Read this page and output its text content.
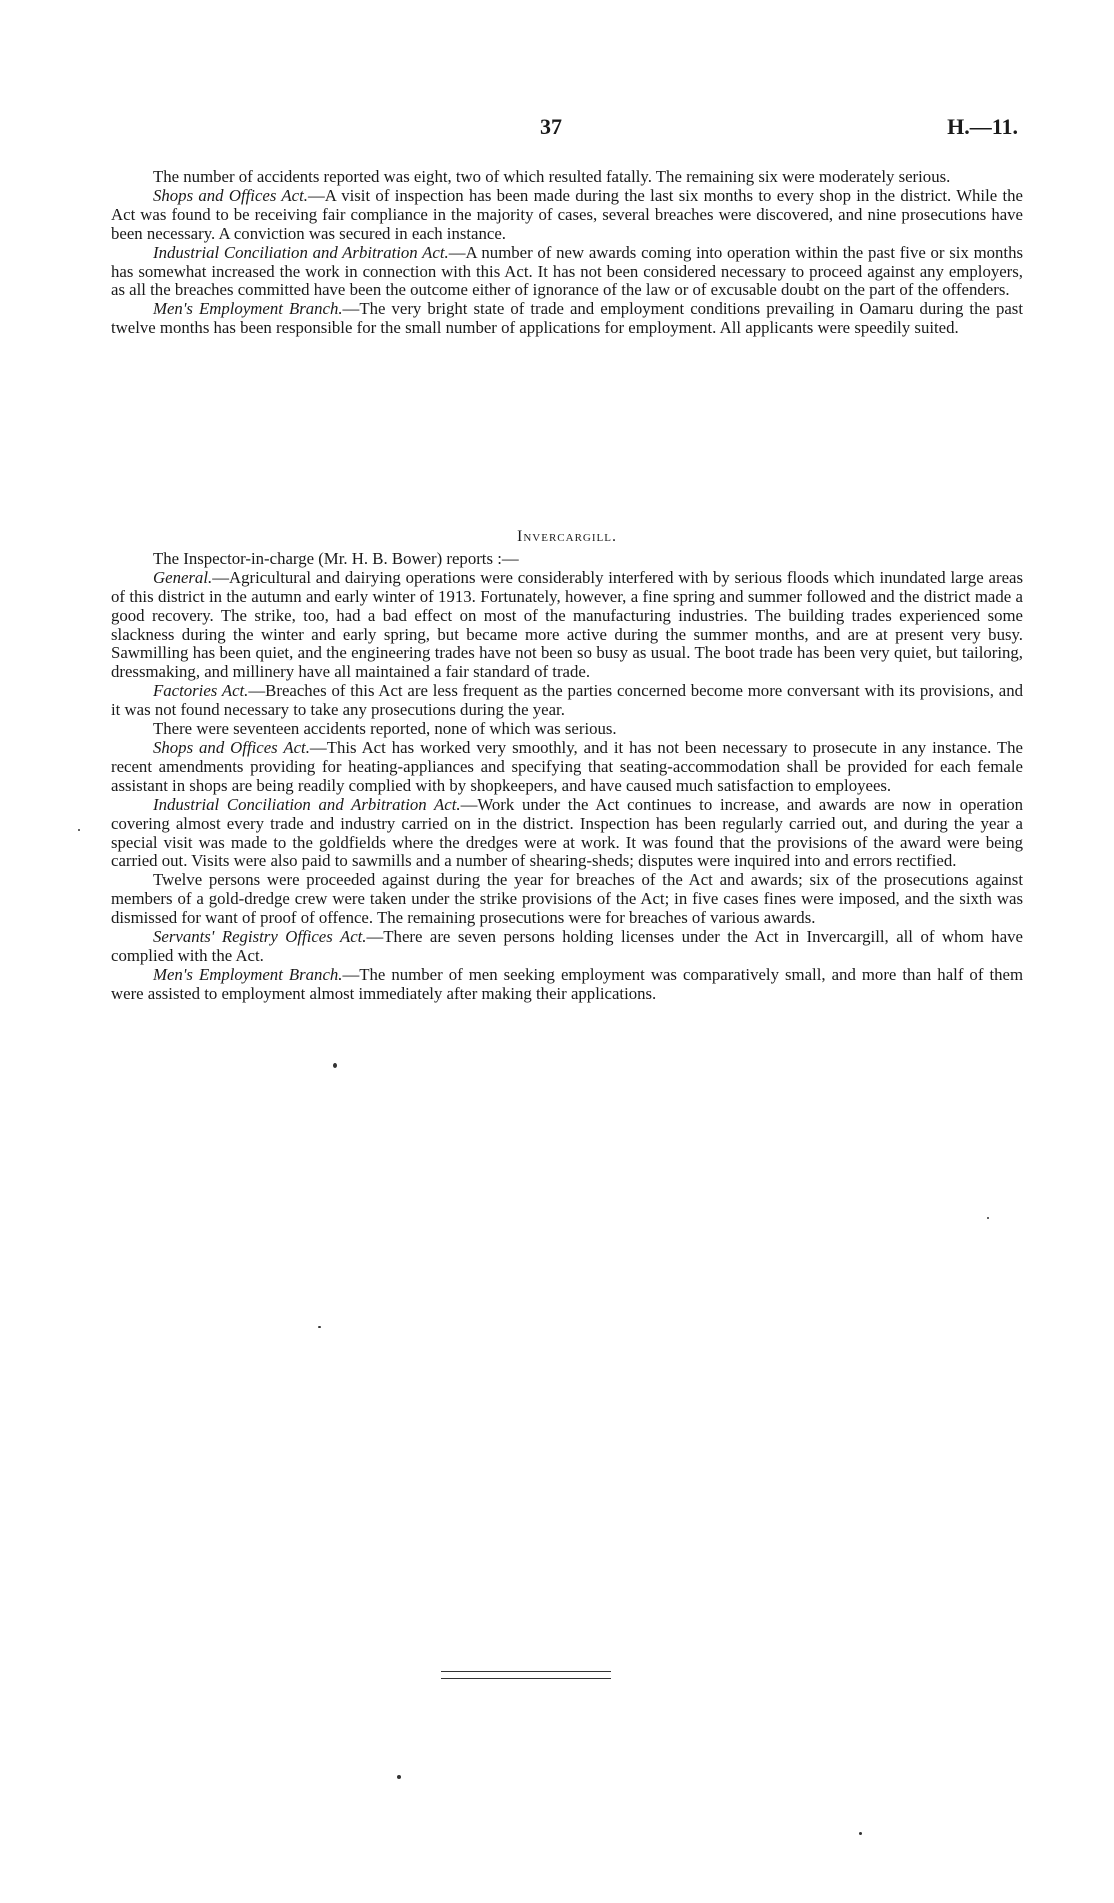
37	H.—11.

The number of accidents reported was eight, two of which resulted fatally. The remaining six were moderately serious.

Shops and Offices Act.—A visit of inspection has been made during the last six months to every shop in the district. While the Act was found to be receiving fair compliance in the majority of cases, several breaches were discovered, and nine prosecutions have been necessary. A conviction was secured in each instance.

Industrial Conciliation and Arbitration Act.—A number of new awards coming into operation within the past five or six months has somewhat increased the work in connection with this Act. It has not been considered necessary to proceed against any employers, as all the breaches committed have been the outcome either of ignorance of the law or of excusable doubt on the part of the offenders.

Men's Employment Branch.—The very bright state of trade and employment conditions prevailing in Oamaru during the past twelve months has been responsible for the small number of applications for employment. All applicants were speedily suited.

Invercargill.

The Inspector-in-charge (Mr. H. B. Bower) reports :—

General.—Agricultural and dairying operations were considerably interfered with by serious floods which inundated large areas of this district in the autumn and early winter of 1913. Fortunately, however, a fine spring and summer followed and the district made a good recovery. The strike, too, had a bad effect on most of the manufacturing industries. The building trades experienced some slackness during the winter and early spring, but became more active during the summer months, and are at present very busy. Sawmilling has been quiet, and the engineering trades have not been so busy as usual. The boot trade has been very quiet, but tailoring, dressmaking, and millinery have all maintained a fair standard of trade.

Factories Act.—Breaches of this Act are less frequent as the parties concerned become more conversant with its provisions, and it was not found necessary to take any prosecutions during the year.

There were seventeen accidents reported, none of which was serious.

Shops and Offices Act.—This Act has worked very smoothly, and it has not been necessary to prosecute in any instance. The recent amendments providing for heating-appliances and specifying that seating-accommodation shall be provided for each female assistant in shops are being readily complied with by shopkeepers, and have caused much satisfaction to employees.

Industrial Conciliation and Arbitration Act.—Work under the Act continues to increase, and awards are now in operation covering almost every trade and industry carried on in the district. Inspection has been regularly carried out, and during the year a special visit was made to the goldfields where the dredges were at work. It was found that the provisions of the award were being carried out. Visits were also paid to sawmills and a number of shearing-sheds; disputes were inquired into and errors rectified.

Twelve persons were proceeded against during the year for breaches of the Act and awards; six of the prosecutions against members of a gold-dredge crew were taken under the strike provisions of the Act; in five cases fines were imposed, and the sixth was dismissed for want of proof of offence. The remaining prosecutions were for breaches of various awards.

Servants' Registry Offices Act.—There are seven persons holding licenses under the Act in Invercargill, all of whom have complied with the Act.

Men's Employment Branch.—The number of men seeking employment was comparatively small, and more than half of them were assisted to employment almost immediately after making their applications.
